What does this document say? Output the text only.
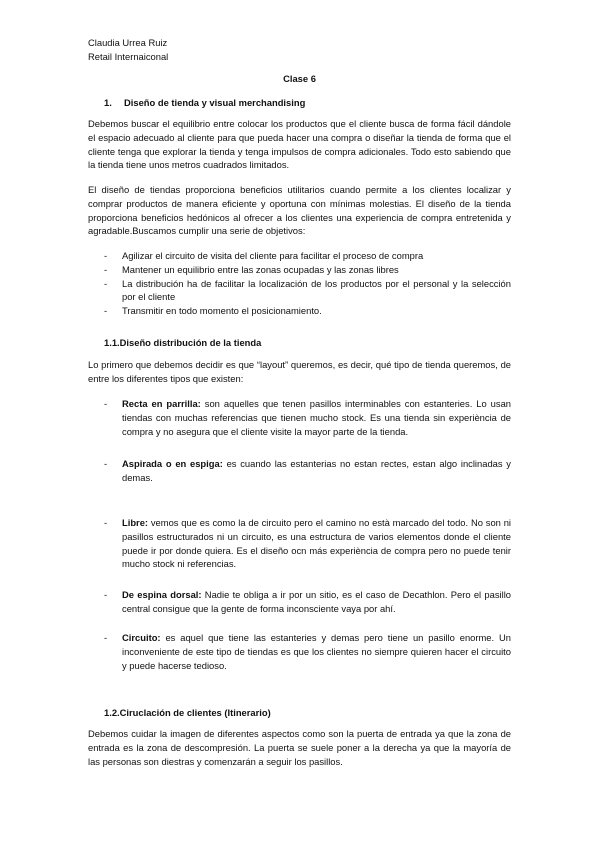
Claudia Urrea Ruiz
Retail Internaiconal
Clase 6
1. Diseño de tienda y visual merchandising
Debemos buscar el equilibrio entre colocar los productos que el cliente busca de forma fácil dándole el espacio adecuado al cliente para que pueda hacer una compra o diseñar la tienda de forma que el cliente tenga que explorar la tienda y tenga impulsos de compra adicionales. Todo esto sabiendo que la tienda tiene unos metros cuadrados limitados.
El diseño de tiendas proporciona beneficios utilitarios cuando permite a los clientes localizar y comprar productos de manera eficiente y oportuna con mínimas molestias. El diseño de la tienda proporciona beneficios hedónicos al ofrecer a los clientes una experiencia de compra entretenida y agradable.Buscamos cumplir una serie de objetivos:
- Agilizar el circuito de visita del cliente para facilitar el proceso de compra
- Mantener un equilibrio entre las zonas ocupadas y las zonas libres
- La distribución ha de facilitar la localización de los productos por el personal y la selección por el cliente
- Transmitir en todo momento el posicionamiento.
1.1.Diseño distribución de la tienda
Lo primero que debemos decidir es que “layout” queremos, es decir, qué tipo de tienda queremos, de entre los diferentes tipos que existen:
- Recta en parrilla: son aquelles que tenen pasillos interminables con estanteries. Lo usan tiendas con muchas referencias que tienen mucho stock. Es una tienda sin experiència de compra y no asegura que el cliente visite la mayor parte de la tienda.
- Aspirada o en espiga: es cuando las estanterias no estan rectes, estan algo inclinadas y demas.
- Libre: vemos que es como la de circuito pero el camino no està marcado del todo. No son ni pasillos estructurados ni un circuito, es una estructura de varios elementos donde el cliente puede ir por donde quiera. Es el diseño ocn más experiència de compra pero no puede tenir mucho stock ni referencias.
- De espina dorsal: Nadie te obliga a ir por un sitio, es el caso de Decathlon. Pero el pasillo central consigue que la gente de forma inconsciente vaya por ahí.
- Circuito: es aquel que tiene las estanteries y demas pero tiene un pasillo enorme. Un inconveniente de este tipo de tiendas es que los clientes no siempre quieren hacer el circuito y puede hacerse tedioso.
1.2.Ciruclación de clientes (Itinerario)
Debemos cuidar la imagen de diferentes aspectos como son la puerta de entrada ya que la zona de entrada es la zona de descompresión. La puerta se suele poner a la derecha ya que la mayoría de las personas son diestras y comenzarán a seguir los pasillos.
